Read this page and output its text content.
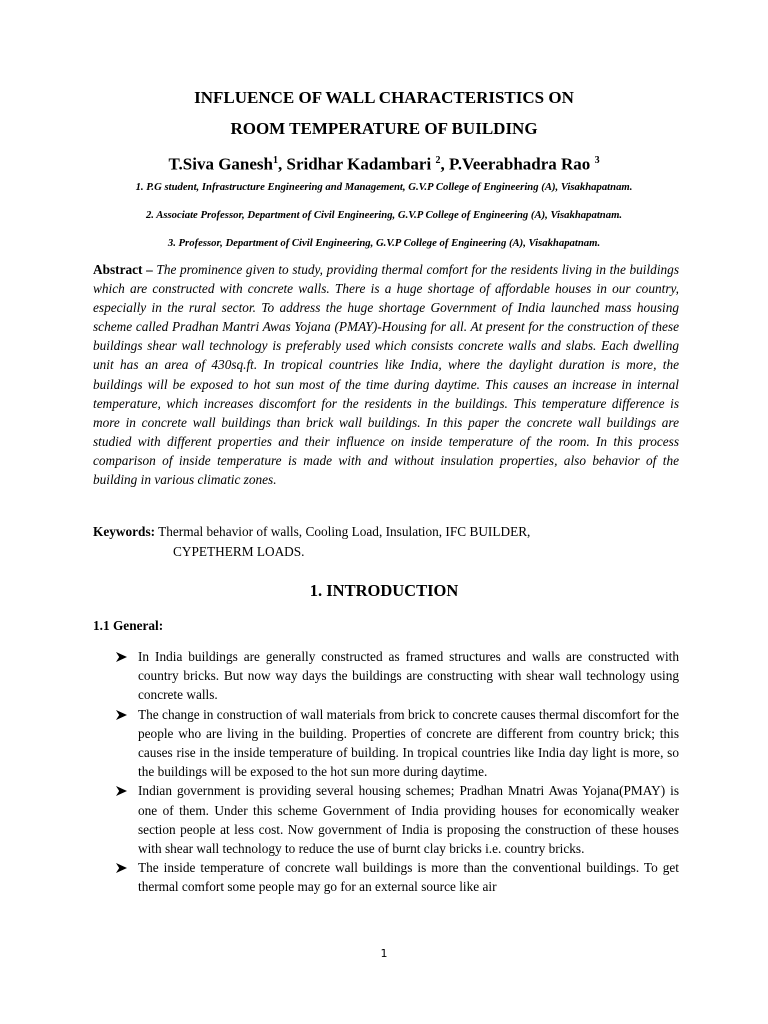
INFLUENCE OF WALL CHARACTERISTICS ON
ROOM TEMPERATURE OF BUILDING
T.Siva Ganesh$^1$, Sridhar Kadambari $^2$, P.Veerabhadra Rao $^3$
1. P.G student, Infrastructure Engineering and Management, G.V.P College of Engineering (A), Visakhapatnam.
2. Associate Professor, Department of Civil Engineering, G.V.P College of Engineering (A), Visakhapatnam.
3. Professor, Department of Civil Engineering, G.V.P College of Engineering (A), Visakhapatnam.
Abstract – The prominence given to study, providing thermal comfort for the residents living in the buildings which are constructed with concrete walls. There is a huge shortage of affordable houses in our country, especially in the rural sector. To address the huge shortage Government of India launched mass housing scheme called Pradhan Mantri Awas Yojana (PMAY)-Housing for all. At present for the construction of these buildings shear wall technology is preferably used which consists concrete walls and slabs. Each dwelling unit has an area of 430sq.ft. In tropical countries like India, where the daylight duration is more, the buildings will be exposed to hot sun most of the time during daytime. This causes an increase in internal temperature, which increases discomfort for the residents in the buildings. This temperature difference is more in concrete wall buildings than brick wall buildings. In this paper the concrete wall buildings are studied with different properties and their influence on inside temperature of the room. In this process comparison of inside temperature is made with and without insulation properties, also behavior of the building in various climatic zones.
Keywords: Thermal behavior of walls, Cooling Load, Insulation, IFC BUILDER,
CYPETHERM LOADS.
1. INTRODUCTION
1.1 General:
In India buildings are generally constructed as framed structures and walls are constructed with country bricks. But now way days the buildings are constructing with shear wall technology using concrete walls.
The change in construction of wall materials from brick to concrete causes thermal discomfort for the people who are living in the building. Properties of concrete are different from country brick; this causes rise in the inside temperature of building. In tropical countries like India day light is more, so the buildings will be exposed to the hot sun more during daytime.
Indian government is providing several housing schemes; Pradhan Mnatri Awas Yojana(PMAY) is one of them. Under this scheme Government of India providing houses for economically weaker section people at less cost. Now government of India is proposing the construction of these houses with shear wall technology to reduce the use of burnt clay bricks i.e. country bricks.
The inside temperature of concrete wall buildings is more than the conventional buildings. To get thermal comfort some people may go for an external source like air
1
